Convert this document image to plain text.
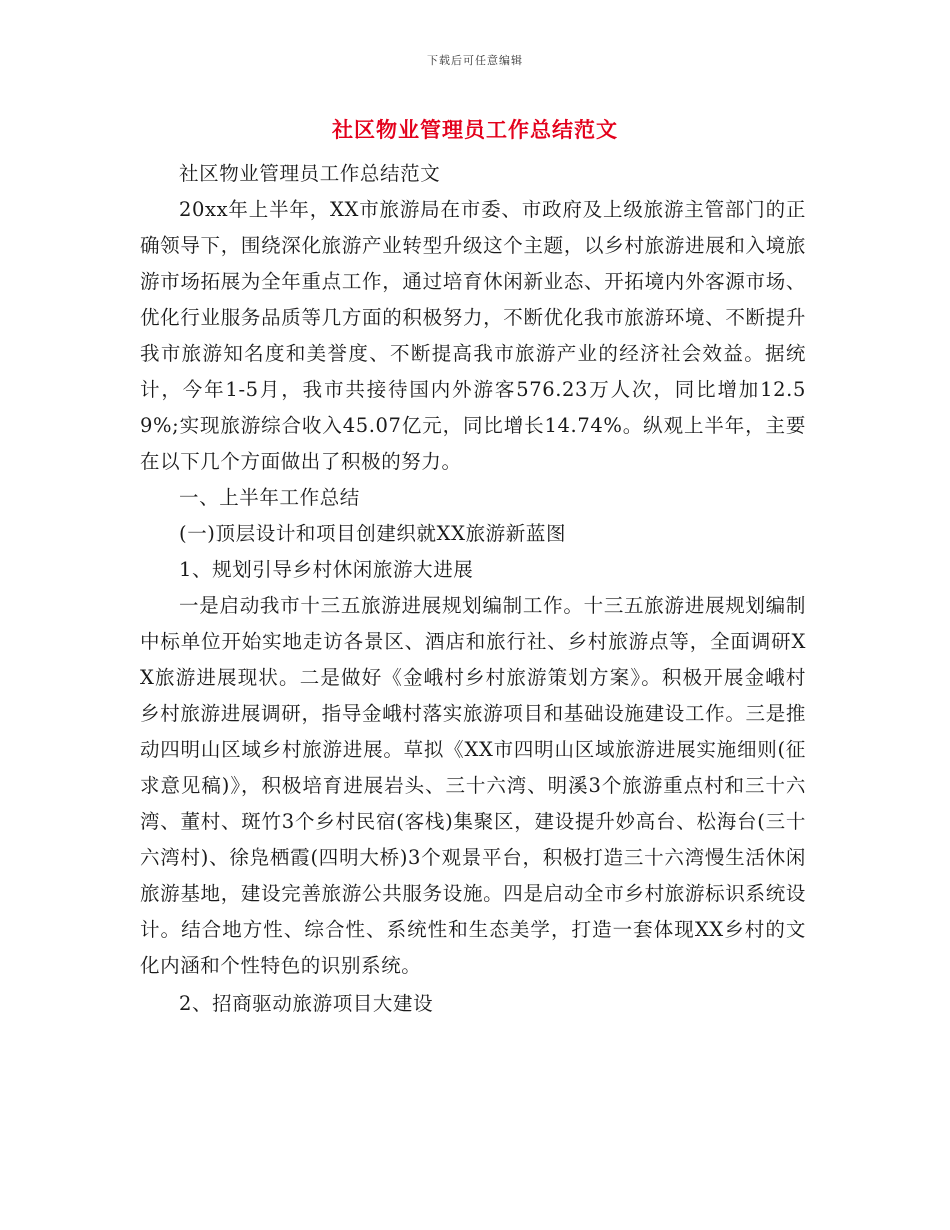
下载后可任意编辑
社区物业管理员工作总结范文

社区物业管理员工作总结范文

20xx年上半年，XX市旅游局在市委、市政府及上级旅游主管部门的正确领导下，围绕深化旅游产业转型升级这个主题，以乡村旅游进展和入境旅游市场拓展为全年重点工作，通过培育休闲新业态、开拓境内外客源市场、优化行业服务品质等几方面的积极努力，不断优化我市旅游环境、不断提升我市旅游知名度和美誉度、不断提高我市旅游产业的经济社会效益。据统计，今年1-5月，我市共接待国内外游客576.23万人次，同比增加12.59%;实现旅游综合收入45.07亿元，同比增长14.74%。纵观上半年，主要在以下几个方面做出了积极的努力。

一、上半年工作总结

(一)顶层设计和项目创建织就XX旅游新蓝图

1、规划引导乡村休闲旅游大进展

一是启动我市十三五旅游进展规划编制工作。十三五旅游进展规划编制中标单位开始实地走访各景区、酒店和旅行社、乡村旅游点等，全面调研XX旅游进展现状。二是做好《金峨村乡村旅游策划方案》。积极开展金峨村乡村旅游进展调研，指导金峨村落实旅游项目和基础设施建设工作。三是推动四明山区域乡村旅游进展。草拟《XX市四明山区域旅游进展实施细则(征求意见稿)》，积极培育进展岩头、三十六湾、明溪3个旅游重点村和三十六湾、董村、斑竹3个乡村民宿(客栈)集聚区，建设提升妙高台、松海台(三十六湾村)、徐凫栖霞(四明大桥)3个观景平台，积极打造三十六湾慢生活休闲旅游基地，建设完善旅游公共服务设施。四是启动全市乡村旅游标识系统设计。结合地方性、综合性、系统性和生态美学，打造一套体现XX乡村的文化内涵和个性特色的识别系统。

2、招商驱动旅游项目大建设
